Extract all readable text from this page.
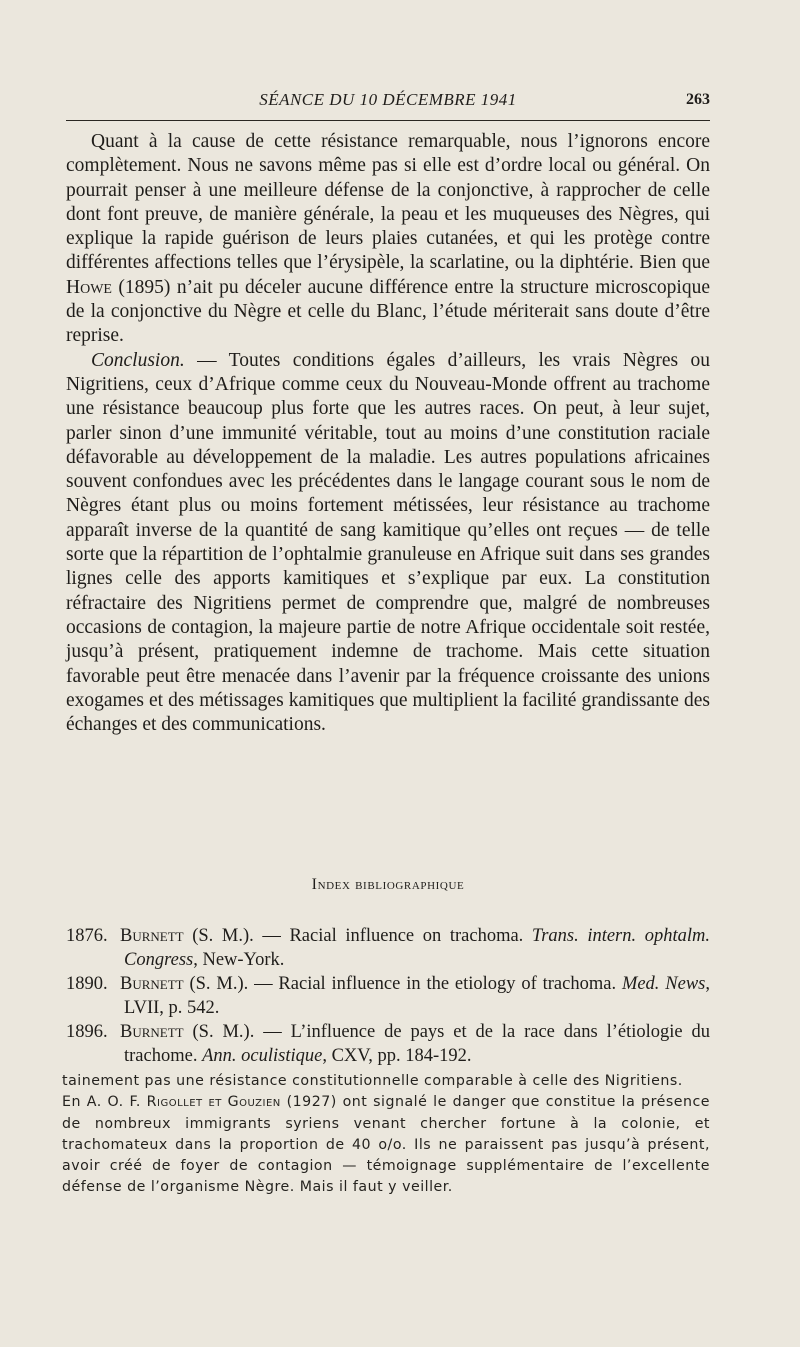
SÉANCE DU 10 DÉCEMBRE 1941	263

Quant à la cause de cette résistance remarquable, nous l’ignorons encore complètement. Nous ne savons même pas si elle est d’ordre local ou général. On pourrait penser à une meilleure défense de la conjonctive, à rapprocher de celle dont font preuve, de manière générale, la peau et les muqueuses des Nègres, qui explique la rapide guérison de leurs plaies cutanées, et qui les protège contre différentes affections telles que l’érysipèle, la scarlatine, ou la diphtérie. Bien que Howe (1895) n’ait pu déceler aucune différence entre la structure microscopique de la conjonctive du Nègre et celle du Blanc, l’étude mériterait sans doute d’être reprise.

Conclusion. — Toutes conditions égales d’ailleurs, les vrais Nègres ou Nigritiens, ceux d’Afrique comme ceux du Nouveau-Monde offrent au trachome une résistance beaucoup plus forte que les autres races. On peut, à leur sujet, parler sinon d’une immunité véritable, tout au moins d’une constitution raciale défavorable au développement de la maladie. Les autres populations africaines souvent confondues avec les précédentes dans le langage courant sous le nom de Nègres étant plus ou moins fortement métissées, leur résistance au trachome apparaît inverse de la quantité de sang kamitique qu’elles ont reçues — de telle sorte que la répartition de l’ophtalmie granuleuse en Afrique suit dans ses grandes lignes celle des apports kamitiques et s’explique par eux. La constitution réfractaire des Nigritiens permet de comprendre que, malgré de nombreuses occasions de contagion, la majeure partie de notre Afrique occidentale soit restée, jusqu’à présent, pratiquement indemne de trachome. Mais cette situation favorable peut être menacée dans l’avenir par la fréquence croissante des unions exogames et des métissages kamitiques que multiplient la facilité grandissante des échanges et des communications.

Index bibliographique

1876. Burnett (S. M.). — Racial influence on trachoma. Trans. intern. ophtalm. Congress, New-York.

1890. Burnett (S. M.). — Racial influence in the etiology of trachoma. Med. News, LVII, p. 542.

1896. Burnett (S. M.). — L’influence de pays et de la race dans l’étiologie du trachome. Ann. oculistique, CXV, pp. 184-192.

tainement pas une résistance constitutionnelle comparable à celle des Nigritiens.

En A. O. F. Rigollet et Gouzien (1927) ont signalé le danger que constitue la présence de nombreux immigrants syriens venant chercher fortune à la colonie, et trachomateux dans la proportion de 40 o/o. Ils ne paraissent pas jusqu’à présent, avoir créé de foyer de contagion — témoignage supplémentaire de l’excellente défense de l’organisme Nègre. Mais il faut y veiller.
